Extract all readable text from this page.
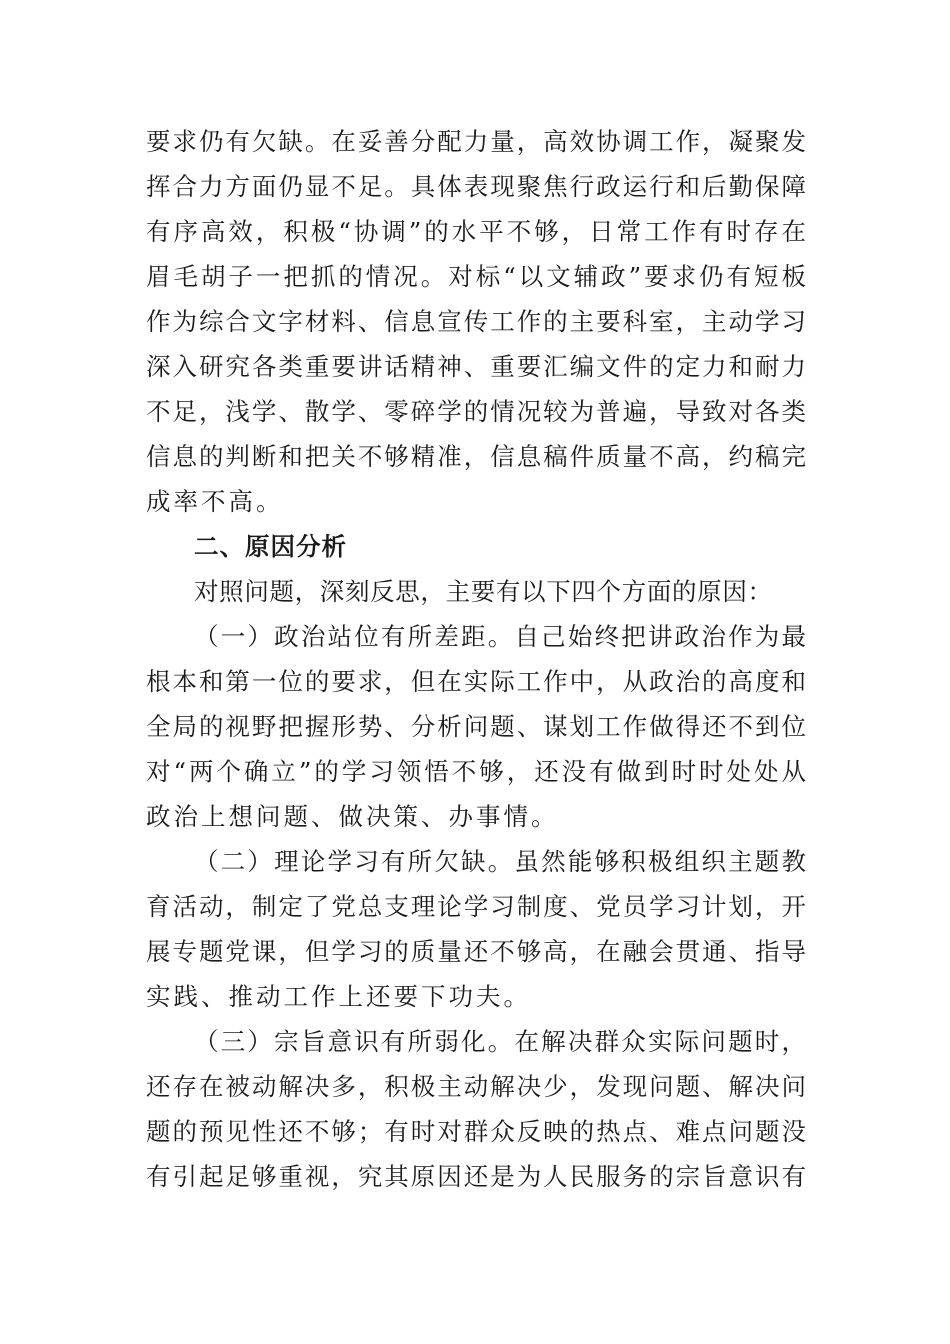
要求仍有欠缺。在妥善分配力量，高效协调工作，凝聚发
挥合力方面仍显不足。具体表现聚焦行政运行和后勤保障
有序高效，积极“协调”的水平不够，日常工作有时存在
眉毛胡子一把抓的情况。对标“以文辅政”要求仍有短板
作为综合文字材料、信息宣传工作的主要科室，主动学习
深入研究各类重要讲话精神、重要汇编文件的定力和耐力
不足，浅学、散学、零碎学的情况较为普遍，导致对各类
信息的判断和把关不够精准，信息稿件质量不高，约稿完
成率不高。
二、原因分析
对照问题，深刻反思，主要有以下四个方面的原因：
（一）政治站位有所差距。自己始终把讲政治作为最
根本和第一位的要求，但在实际工作中，从政治的高度和
全局的视野把握形势、分析问题、谋划工作做得还不到位
对“两个确立”的学习领悟不够，还没有做到时时处处从
政治上想问题、做决策、办事情。
（二）理论学习有所欠缺。虽然能够积极组织主题教
育活动，制定了党总支理论学习制度、党员学习计划，开
展专题党课，但学习的质量还不够高，在融会贯通、指导
实践、推动工作上还要下功夫。
（三）宗旨意识有所弱化。在解决群众实际问题时，
还存在被动解决多，积极主动解决少，发现问题、解决问
题的预见性还不够；有时对群众反映的热点、难点问题没
有引起足够重视，究其原因还是为人民服务的宗旨意识有
